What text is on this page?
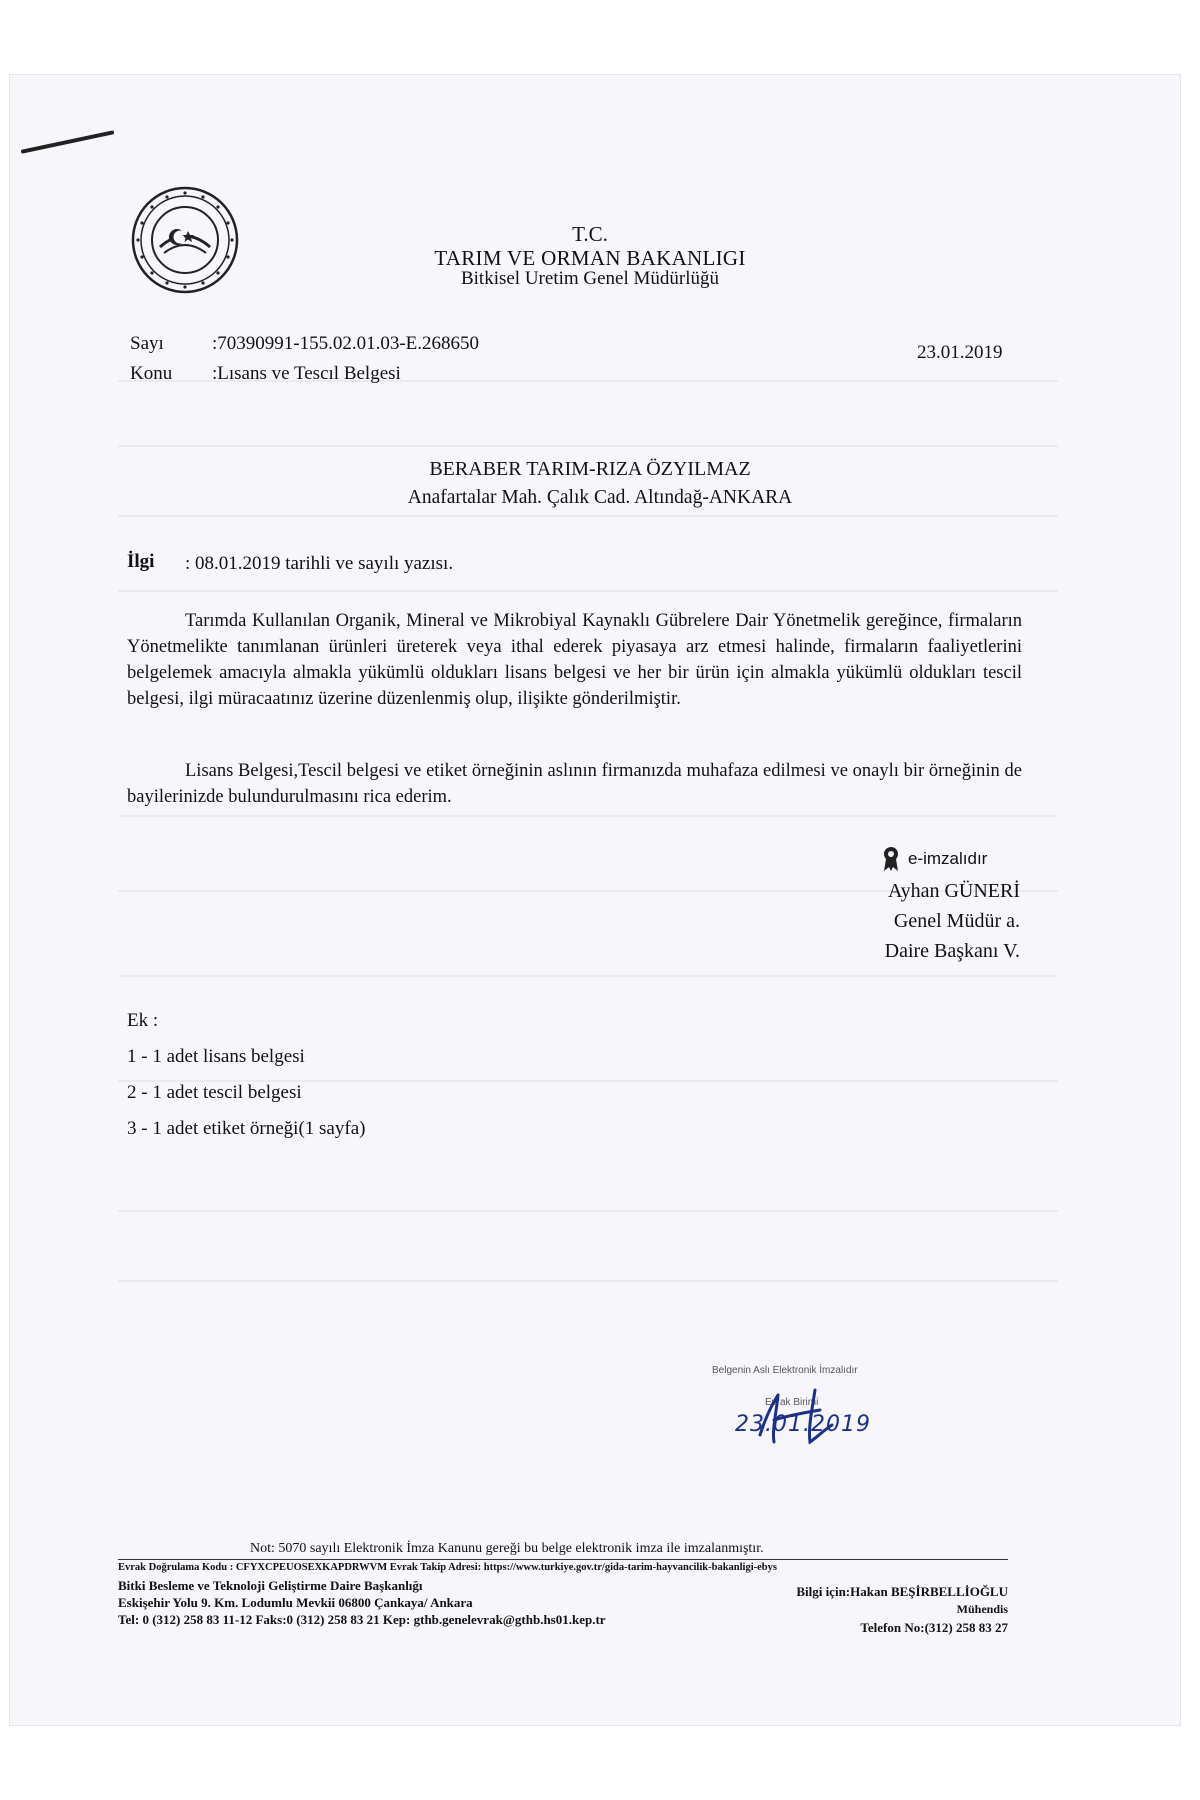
T.C.
TARIM VE ORMAN BAKANLIGI
Bitkisel Uretim Genel Müdürlüğü
Sayı	:70390991-155.02.01.03-E.268650	23.01.2019
Konu :Lısans ve Tescıl Belgesi
BERABER TARIM-RIZA ÖZYILMAZ
Anafartalar Mah. Çalık Cad. Altındağ-ANKARA
İlgi : 08.01.2019 tarihli ve sayılı yazısı.
Tarımda Kullanılan Organik, Mineral ve Mikrobiyal Kaynaklı Gübrelere Dair Yönetmelik gereğince, firmaların Yönetmelikte tanımlanan ürünleri üreterek veya ithal ederek piyasaya arz etmesi halinde, firmaların faaliyetlerini belgelemek amacıyla almakla yükümlü oldukları lisans belgesi ve her bir ürün için almakla yükümlü oldukları tescil belgesi, ilgi müracaatınız üzerine düzenlenmiş olup, ilişikte gönderilmiştir.
Lisans Belgesi,Tescil belgesi ve etiket örneğinin aslının firmanızda muhafaza edilmesi ve onaylı bir örneğinin de bayilerinizde bulundurulmasını rica ederim.
e-imzalıdır
Ayhan GÜNERİ
Genel Müdür a.
Daire Başkanı V.
Ek :
1 - 1 adet lisans belgesi
2 - 1 adet tescil belgesi
3 - 1 adet etiket örneği(1 sayfa)
Belgenin Aslı Elektronik İmzalıdır
Evrak Birimi
23.01.2019
Not: 5070 sayılı Elektronik İmza Kanunu gereği bu belge elektronik imza ile imzalanmıştır.
Evrak Doğrulama Kodu : CFYXCPEUOSEXKAPDRWVM Evrak Takip Adresi: https://www.turkiye.gov.tr/gida-tarim-hayvancilik-bakanligi-ebys
Bitki Besleme ve Teknoloji Geliştirme Daire Başkanlığı
Eskişehir Yolu 9. Km. Lodumlu Mevkii 06800 Çankaya/ Ankara
Tel: 0 (312) 258 83 11-12 Faks:0 (312) 258 83 21 Kep: gthb.genelevrak@gthb.hs01.kep.tr
Bilgi için:Hakan BEŞİRBELLİOĞLU
Mühendis
Telefon No:(312) 258 83 27
